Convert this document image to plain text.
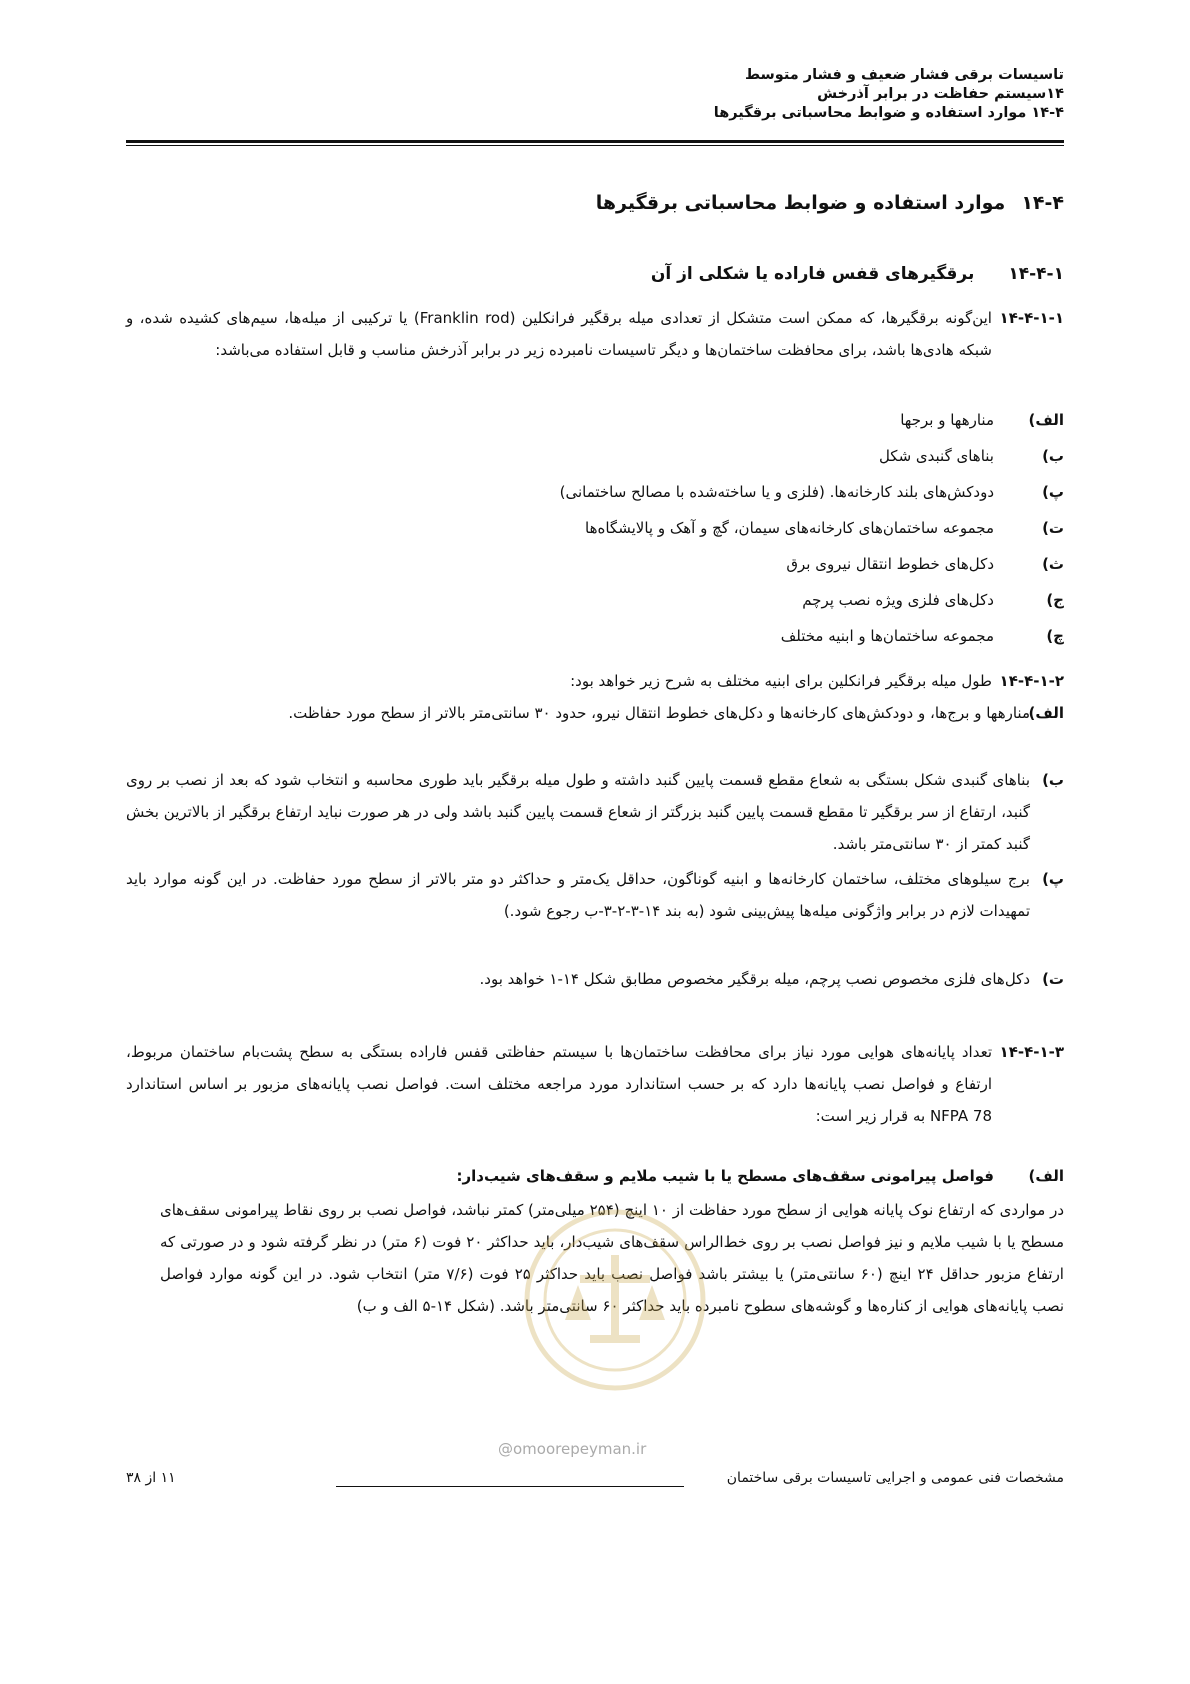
تاسیسات برقی فشار ضعیف و فشار متوسط
۱۴سیستم حفاظت در برابر آذرخش
۱۴-۴ موارد استفاده و ضوابط محاسباتی برقگیرها
۱۴-۴موارد استفاده و ضوابط محاسباتی برقگیرها
۱۴-۴-۱برقگیرهای قفس فاراده یا شکلی از آن
۱۴-۴-۱-۱
این‌گونه برقگیرها، که ممکن است متشکل از تعدادی میله برقگیر فرانکلین (Franklin rod) یا ترکیبی از میله‌ها، سیم‌های کشیده شده، و شبکه هادی‌ها باشد، برای محافظت ساختمان‌ها و دیگر تاسیسات نامبرده زیر در برابر آذرخش مناسب و قابل استفاده می‌باشد:
الف)
منارهها و برجها
ب)
بناهای گنبدی شکل
پ)
دودکش‌های بلند کارخانه‌ها. (فلزی و یا ساخته‌شده با مصالح ساختمانی)
ت)
مجموعه ساختمان‌های کارخانه‌های سیمان، گچ و آهک و پالایشگاه‌ها
ث)
دکل‌های خطوط انتقال نیروی برق
ج)
دکل‌های فلزی ویژه نصب پرچم
چ)
مجموعه ساختمان‌ها و ابنیه مختلف
۱۴-۴-۱-۲
طول میله برقگیر فرانکلین برای ابنیه مختلف به شرح زیر خواهد بود:
الف)
منارهها و برج‌ها، و دودکش‌های کارخانه‌ها و دکل‌های خطوط انتقال نیرو، حدود ۳۰ سانتی‌متر بالاتر از سطح مورد حفاظت.
ب)
بناهای گنبدی شکل بستگی به شعاع مقطع قسمت پایین گنبد داشته و طول میله برقگیر باید طوری محاسبه و انتخاب شود که بعد از نصب بر روی گنبد، ارتفاع از سر برقگیر تا مقطع قسمت پایین گنبد بزرگتر از شعاع قسمت پایین گنبد باشد ولی در هر صورت نباید ارتفاع برقگیر از بالاترین بخش گنبد کمتر از ۳۰ سانتی‌متر باشد.
پ)
برج سیلوهای مختلف، ساختمان کارخانه‌ها و ابنیه گوناگون، حداقل یک‌متر و حداکثر دو متر بالاتر از سطح مورد حفاظت. در این گونه موارد باید تمهیدات لازم در برابر واژگونی میله‌ها پیش‌بینی شود (به بند ۱۴-۳-۲-۳-ب رجوع شود.)
ت)
دکل‌های فلزی مخصوص نصب پرچم، میله برقگیر مخصوص مطابق شکل ۱۴-۱ خواهد بود.
۱۴-۴-۱-۳
تعداد پایانه‌های هوایی مورد نیاز برای محافظت ساختمان‌ها با سیستم حفاظتی قفس فاراده بستگی به سطح پشت‌بام ساختمان مربوط، ارتفاع و فواصل نصب پایانه‌ها دارد که بر حسب استاندارد مورد مراجعه مختلف است. فواصل نصب پایانه‌های مزبور بر اساس استاندارد NFPA 78 به قرار زیر است:
الف)
فواصل پیرامونی سقف‌های مسطح یا با شیب ملایم و سقف‌های شیب‌دار:
در مواردی که ارتفاع نوک پایانه هوایی از سطح مورد حفاظت از ۱۰ اینچ (۲۵۴ میلی‌متر) کمتر نباشد، فواصل نصب بر روی نقاط پیرامونی سقف‌های مسطح یا با شیب ملایم و نیز فواصل نصب بر روی خط‌الراس سقف‌های شیب‌دار، باید حداکثر ۲۰ فوت (۶ متر) در نظر گرفته شود و در صورتی که ارتفاع مزبور حداقل ۲۴ اینچ (۶۰ سانتی‌متر) یا بیشتر باشد فواصل نصب باید حداکثر ۲۵ فوت (۷/۶ متر) انتخاب شود. در این گونه موارد فواصل نصب پایانه‌های هوایی از کناره‌ها و گوشه‌های سطوح نامبرده باید حداکثر ۶۰ سانتی‌متر باشد. (شکل ۱۴-۵ الف و ب)
@omoorepeyman.ir
مشخصات فنی عمومی و اجرایی تاسیسات برقی ساختمان
۱۱ از ۳۸
